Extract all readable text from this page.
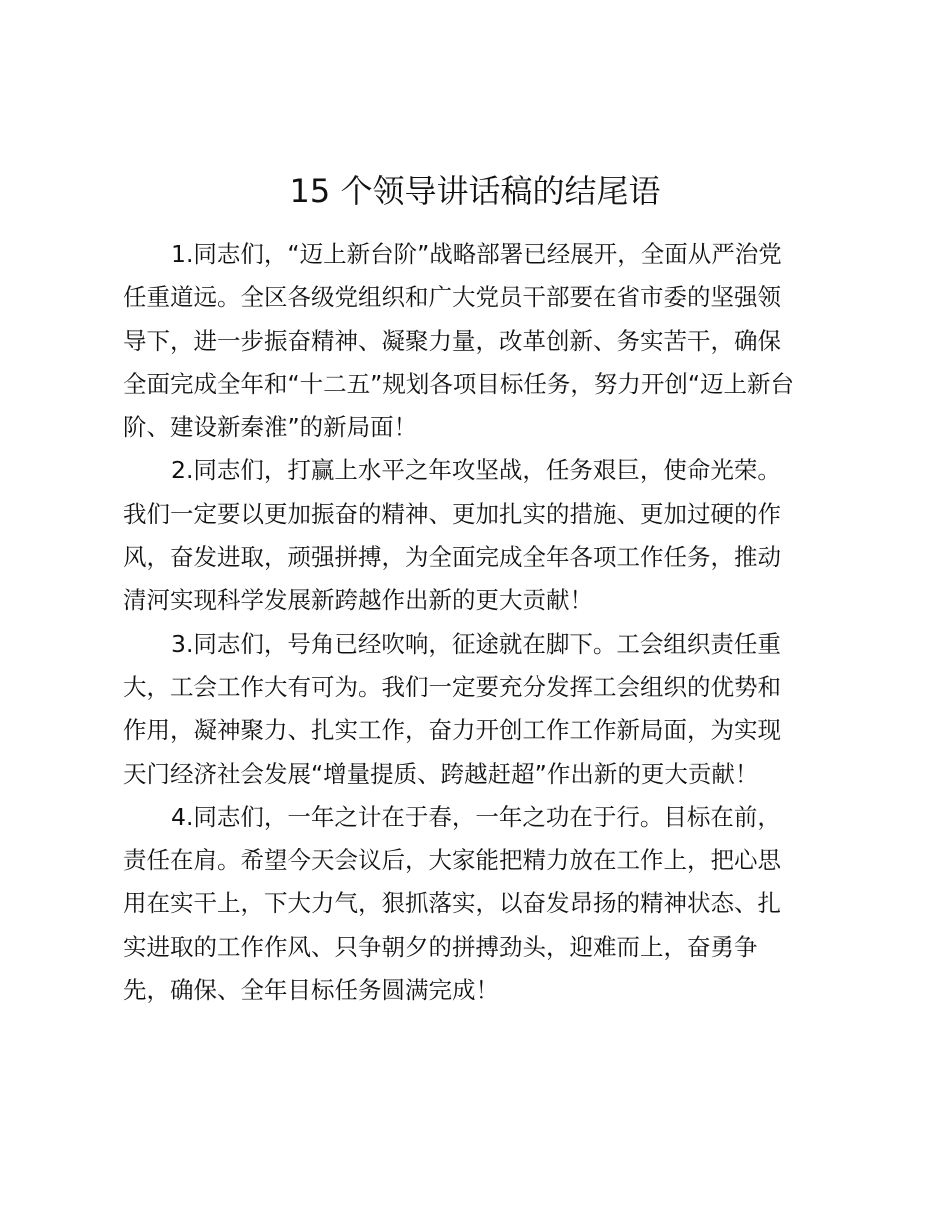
15 个领导讲话稿的结尾语
1.同志们，“迈上新台阶”战略部署已经展开，全面从严治党
任重道远。全区各级党组织和广大党员干部要在省市委的坚强领
导下，进一步振奋精神、凝聚力量，改革创新、务实苦干，确保
全面完成全年和“十二五”规划各项目标任务，努力开创“迈上新台
阶、建设新秦淮”的新局面！
2.同志们，打赢上水平之年攻坚战，任务艰巨，使命光荣。
我们一定要以更加振奋的精神、更加扎实的措施、更加过硬的作
风，奋发进取，顽强拼搏，为全面完成全年各项工作任务，推动
清河实现科学发展新跨越作出新的更大贡献！
3.同志们，号角已经吹响，征途就在脚下。工会组织责任重
大，工会工作大有可为。我们一定要充分发挥工会组织的优势和
作用，凝神聚力、扎实工作，奋力开创工作工作新局面，为实现
天门经济社会发展“增量提质、跨越赶超”作出新的更大贡献！
4.同志们，一年之计在于春，一年之功在于行。目标在前，
责任在肩。希望今天会议后，大家能把精力放在工作上，把心思
用在实干上，下大力气，狠抓落实，以奋发昂扬的精神状态、扎
实进取的工作作风、只争朝夕的拼搏劲头，迎难而上，奋勇争
先，确保、全年目标任务圆满完成！
